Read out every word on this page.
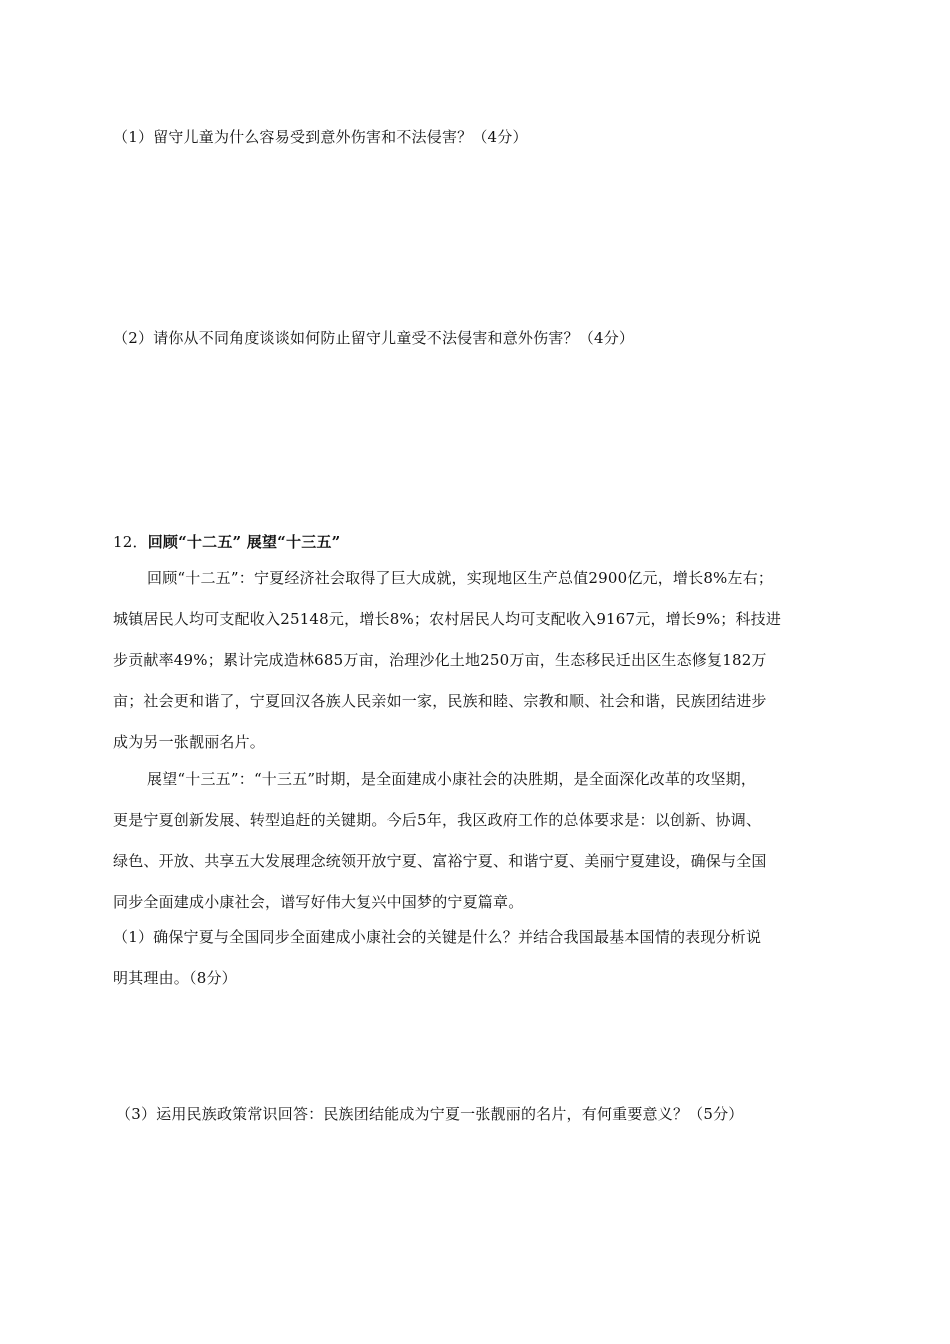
（1）留守儿童为什么容易受到意外伤害和不法侵害？（4分）
（2）请你从不同角度谈谈如何防止留守儿童受不法侵害和意外伤害？（4分）
12．回顾“十二五” 展望“十三五”
回顾“十二五”：宁夏经济社会取得了巨大成就，实现地区生产总值2900亿元，增长8%左右；
城镇居民人均可支配收入25148元，增长8%；农村居民人均可支配收入9167元，增长9%；科技进
步贡献率49%；累计完成造林685万亩，治理沙化土地250万亩，生态移民迁出区生态修复182万
亩；社会更和谐了，宁夏回汉各族人民亲如一家，民族和睦、宗教和顺、社会和谐，民族团结进步
成为另一张靓丽名片。
展望“十三五”：“十三五”时期，是全面建成小康社会的决胜期，是全面深化改革的攻坚期，
更是宁夏创新发展、转型追赶的关键期。今后5年，我区政府工作的总体要求是：以创新、协调、
绿色、开放、共享五大发展理念统领开放宁夏、富裕宁夏、和谐宁夏、美丽宁夏建设，确保与全国
同步全面建成小康社会，谱写好伟大复兴中国梦的宁夏篇章。
（1）确保宁夏与全国同步全面建成小康社会的关键是什么？并结合我国最基本国情的表现分析说
明其理由。（8分）
（3）运用民族政策常识回答：民族团结能成为宁夏一张靓丽的名片，有何重要意义？（5分）
